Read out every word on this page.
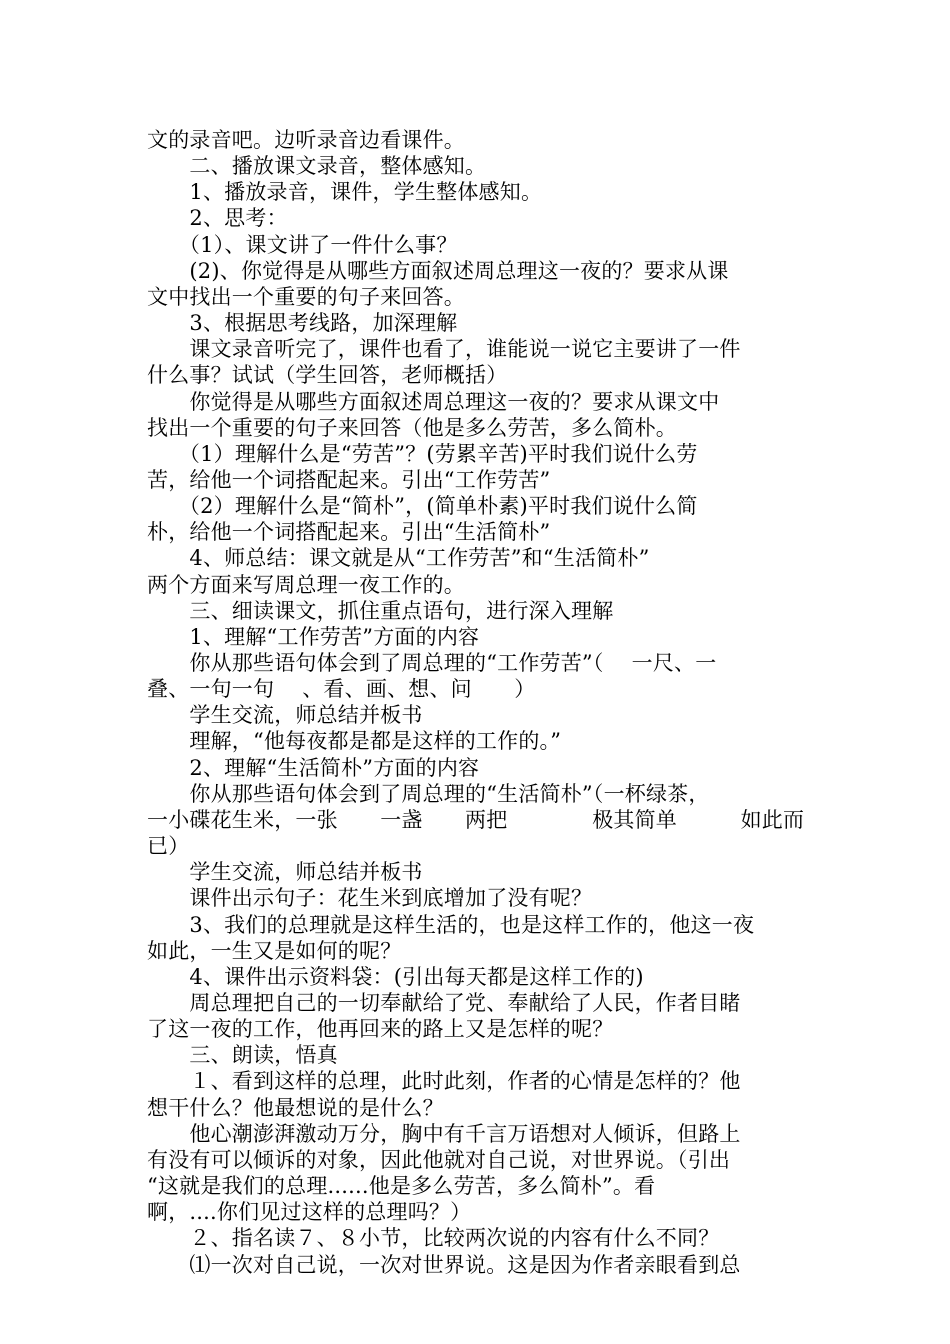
文的录音吧。边听录音边看课件。
　　二、播放课文录音，整体感知。
　　1、播放录音，课件，学生整体感知。
　　2、思考：
　　（1）、课文讲了一件什么事？
　　(2)、你觉得是从哪些方面叙述周总理这一夜的？要求从课
文中找出一个重要的句子来回答。
　　3、根据思考线路，加深理解
　　课文录音听完了，课件也看了，谁能说一说它主要讲了一件
什么事？试试（学生回答，老师概括）
　　你觉得是从哪些方面叙述周总理这一夜的？要求从课文中
找出一个重要的句子来回答（他是多么劳苦，多么简朴。
　　（1）理解什么是“劳苦”？(劳累辛苦)平时我们说什么劳
苦，给他一个词搭配起来。引出“工作劳苦”
　　（2）理解什么是“简朴”，(简单朴素)平时我们说什么简
朴，给他一个词搭配起来。引出“生活简朴”
　　4、师总结：课文就是从“工作劳苦”和“生活简朴”
两个方面来写周总理一夜工作的。
　　三、细读课文，抓住重点语句，进行深入理解
　　1、理解“工作劳苦”方面的内容
　　你从那些语句体会到了周总理的“工作劳苦”（　 一尺、一
叠、一句一句　 、看、画、想、问　　）
　　学生交流，师总结并板书
　　理解，“他每夜都是都是这样的工作的。”
　　2、理解“生活简朴”方面的内容
　　你从那些语句体会到了周总理的“生活简朴”（一杯绿茶，
一小碟花生米，一张　　一盏　　两把　　　　极其简单　　　如此而
已）
　　学生交流，师总结并板书
　　课件出示句子：花生米到底增加了没有呢？
　　3、我们的总理就是这样生活的，也是这样工作的，他这一夜
如此，一生又是如何的呢？
　　4、课件出示资料袋：(引出每天都是这样工作的)
　　周总理把自己的一切奉献给了党、奉献给了人民，作者目睹
了这一夜的工作，他再回来的路上又是怎样的呢？
　　三、朗读，悟真
　　１、看到这样的总理，此时此刻，作者的心情是怎样的？他
想干什么？他最想说的是什么？
　　他心潮澎湃激动万分，胸中有千言万语想对人倾诉，但路上
有没有可以倾诉的对象，因此他就对自己说，对世界说。（引出
“这就是我们的总理......他是多么劳苦，多么简朴”。看
啊，....你们见过这样的总理吗？）
　　２、指名读７、８小节，比较两次说的内容有什么不同？
　　⑴一次对自己说，一次对世界说。这是因为作者亲眼看到总
